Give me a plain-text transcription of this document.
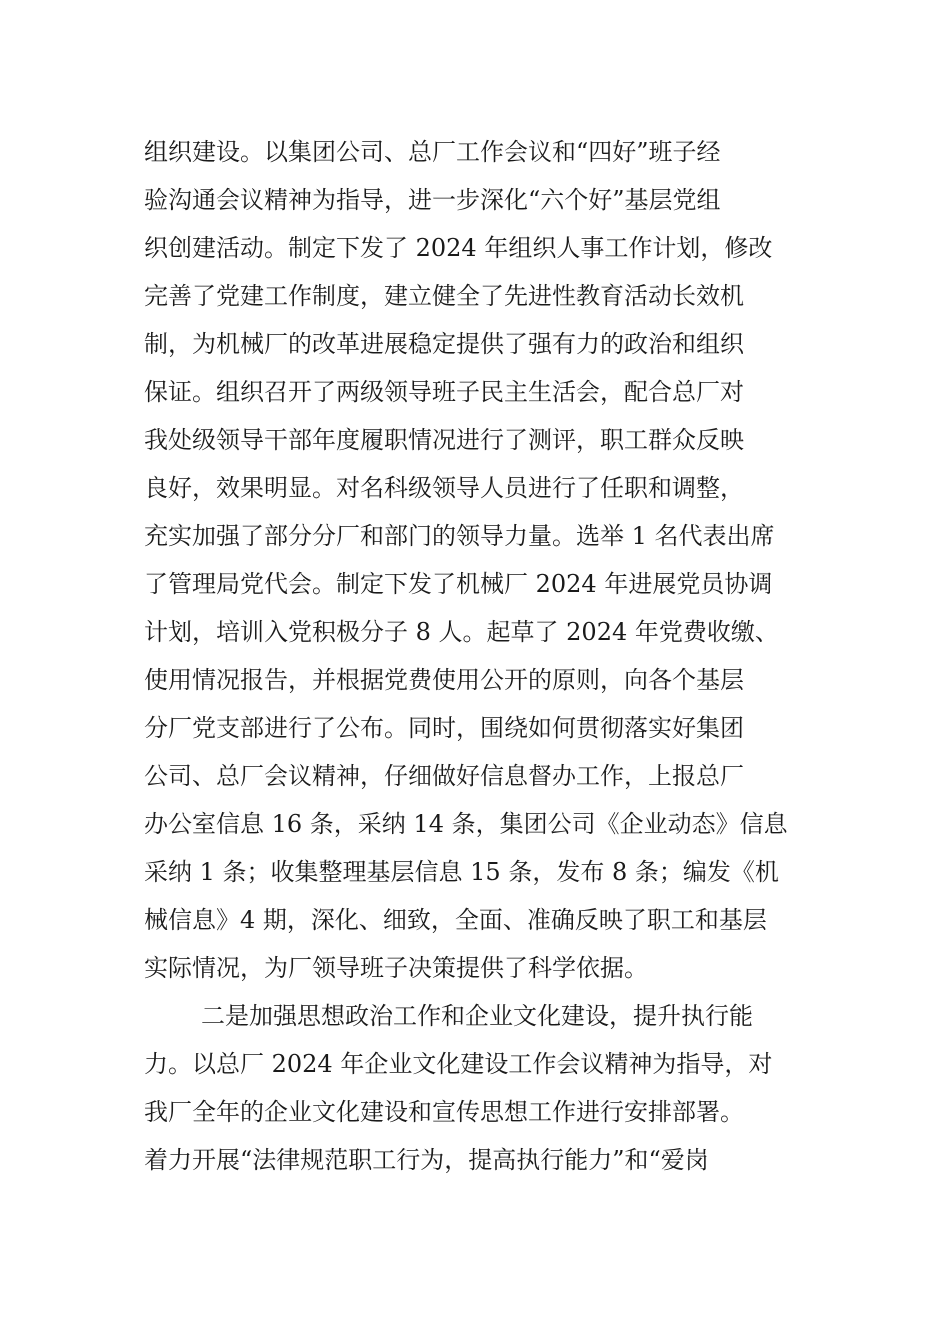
组织建设。以集团公司、总厂工作会议和“四好”班子经
验沟通会议精神为指导，进一步深化“六个好”基层党组
织创建活动。制定下发了 2024 年组织人事工作计划，修改
完善了党建工作制度，建立健全了先进性教育活动长效机
制，为机械厂的改革进展稳定提供了强有力的政治和组织
保证。组织召开了两级领导班子民主生活会，配合总厂对
我处级领导干部年度履职情况进行了测评，职工群众反映
良好，效果明显。对名科级领导人员进行了任职和调整，
充实加强了部分分厂和部门的领导力量。选举 1 名代表出席
了管理局党代会。制定下发了机械厂 2024 年进展党员协调
计划，培训入党积极分子 8 人。起草了 2024 年党费收缴、
使用情况报告，并根据党费使用公开的原则，向各个基层
分厂党支部进行了公布。同时，围绕如何贯彻落实好集团
公司、总厂会议精神，仔细做好信息督办工作，上报总厂
办公室信息 16 条，采纳 14 条，集团公司《企业动态》信息
采纳 1 条；收集整理基层信息 15 条，发布 8 条；编发《机
械信息》4 期，深化、细致，全面、准确反映了职工和基层
实际情况，为厂领导班子决策提供了科学依据。
二是加强思想政治工作和企业文化建设，提升执行能
力。以总厂 2024 年企业文化建设工作会议精神为指导，对
我厂全年的企业文化建设和宣传思想工作进行安排部署。
着力开展“法律规范职工行为，提高执行能力”和“爱岗
